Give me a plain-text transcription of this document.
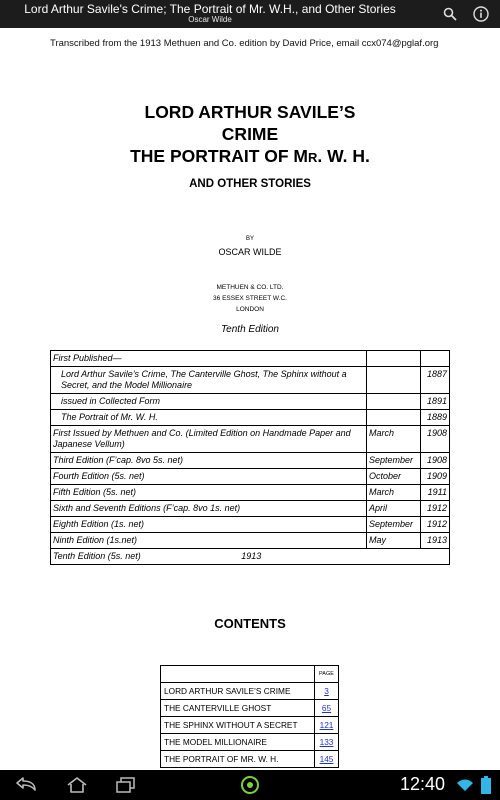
Lord Arthur Savile's Crime; The Portrait of Mr. W.H., and Other Stories
Oscar Wilde
Transcribed from the 1913 Methuen and Co. edition by David Price, email ccx074@pglaf.org
LORD ARTHUR SAVILE’S
CRIME
THE PORTRAIT OF MR. W. H.
AND OTHER STORIES
BY
OSCAR WILDE
METHUEN & CO. LTD.
36 ESSEX STREET W.C.
LONDON
Tenth Edition
First Published—		
Lord Arthur Savile’s Crime, The Canterville Ghost, The Sphinx without a Secret, and the Model Millionaire		1887
issued in Collected Form		1891
The Portrait of Mr. W. H.		1889
First Issued by Methuen and Co. (Limited Edition on Handmade Paper and Japanese Vellum)	March	1908
Third Edition (F’cap. 8vo 5s. net)	September	1908
Fourth Edition (5s. net)	October	1909
Fifth Edition (5s. net)	March	1911
Sixth and Seventh Editions (F’cap. 8vo 1s. net)	April	1912
Eighth Edition (1s. net)	September	1912
Ninth Edition (1s.net)	May	1913
Tenth Edition (5s. net) 1913		
CONTENTS
	PAGE
LORD ARTHUR SAVILE’S CRIME	3
THE CANTERVILLE GHOST	65
THE SPHINX WITHOUT A SECRET	121
THE MODEL MILLIONAIRE	133
THE PORTRAIT OF MR. W. H.	145
12:40
